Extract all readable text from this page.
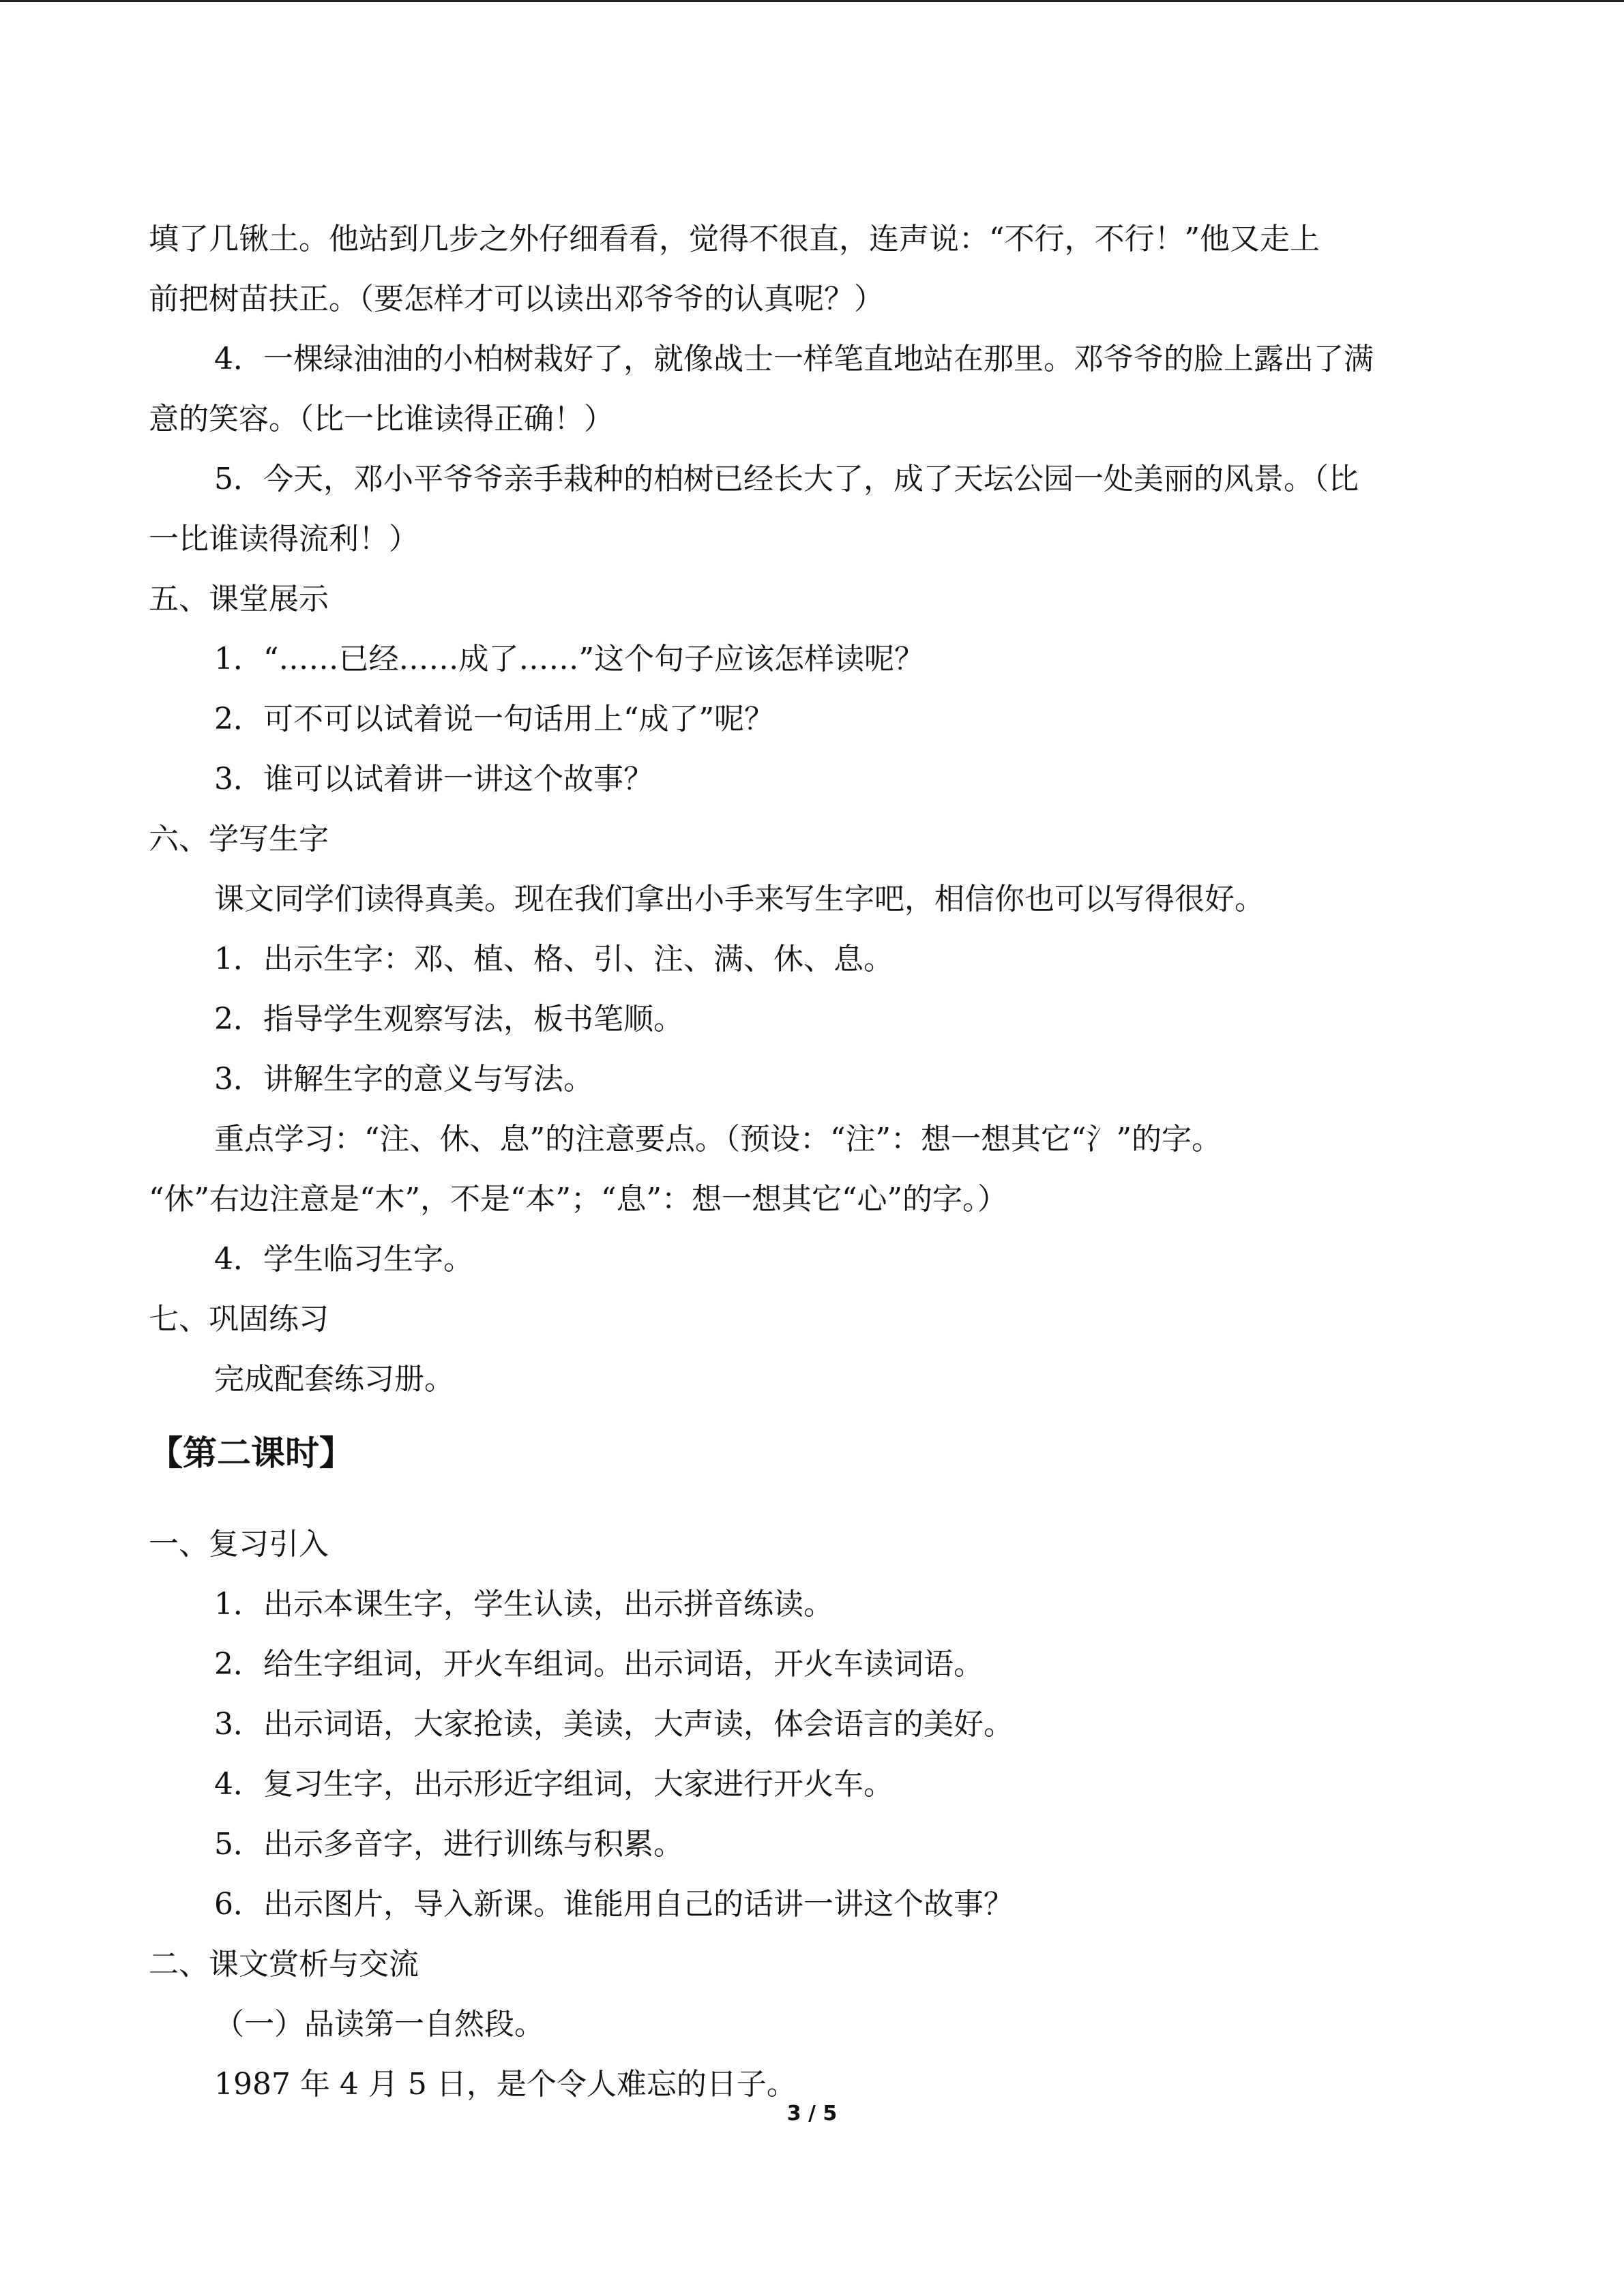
填了几锹土。他站到几步之外仔细看看，觉得不很直，连声说：“不行，不行！”他又走上

前把树苗扶正。（要怎样才可以读出邓爷爷的认真呢？）

4．一棵绿油油的小柏树栽好了，就像战士一样笔直地站在那里。邓爷爷的脸上露出了满

意的笑容。（比一比谁读得正确！）

5．今天，邓小平爷爷亲手栽种的柏树已经长大了，成了天坛公园一处美丽的风景。（比

一比谁读得流利！）

五、课堂展示

1．“……已经……成了……”这个句子应该怎样读呢？

2．可不可以试着说一句话用上“成了”呢？

3．谁可以试着讲一讲这个故事？

六、学写生字

课文同学们读得真美。现在我们拿出小手来写生字吧，相信你也可以写得很好。

1．出示生字：邓、植、格、引、注、满、休、息。

2．指导学生观察写法，板书笔顺。

3．讲解生字的意义与写法。

重点学习：“注、休、息”的注意要点。（预设：“注”：想一想其它“氵”的字。

“休”右边注意是“木”，不是“本”；“息”：想一想其它“心”的字。）

4．学生临习生字。

七、巩固练习

完成配套练习册。

【第二课时】

一、复习引入

1．出示本课生字，学生认读，出示拼音练读。

2．给生字组词，开火车组词。出示词语，开火车读词语。

3．出示词语，大家抢读，美读，大声读，体会语言的美好。

4．复习生字，出示形近字组词，大家进行开火车。

5．出示多音字，进行训练与积累。

6．出示图片，导入新课。谁能用自己的话讲一讲这个故事？

二、课文赏析与交流

（一）品读第一自然段。

1987 年 4 月 5 日，是个令人难忘的日子。

3 / 5
